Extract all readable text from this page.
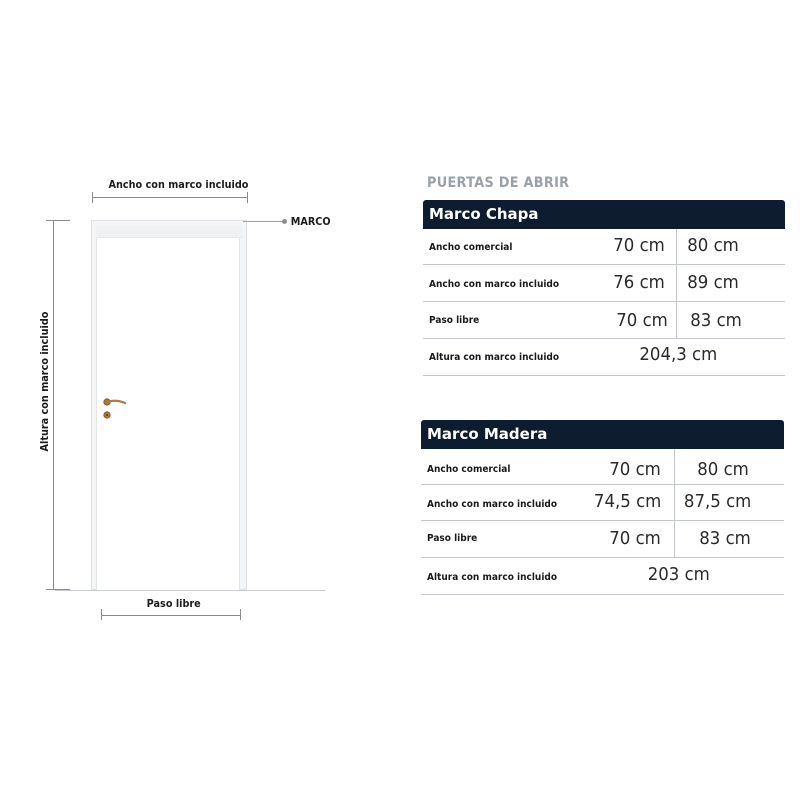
Ancho con marco incluido
Altura con marco incluido
MARCO
Paso libre
PUERTAS DE ABRIR
Marco Chapa
Ancho comercial	70 cm 80 cm
Ancho con marco incluido	76 cm 89 cm
Paso libre	70 cm 83 cm
Altura con marco incluido	204,3 cm
Marco Madera
Ancho comercial	70 cm 80 cm
Ancho con marco incluido 74,5 cm 87,5 cm
Paso libre	70 cm 83 cm
Altura con marco incluido	203 cm
